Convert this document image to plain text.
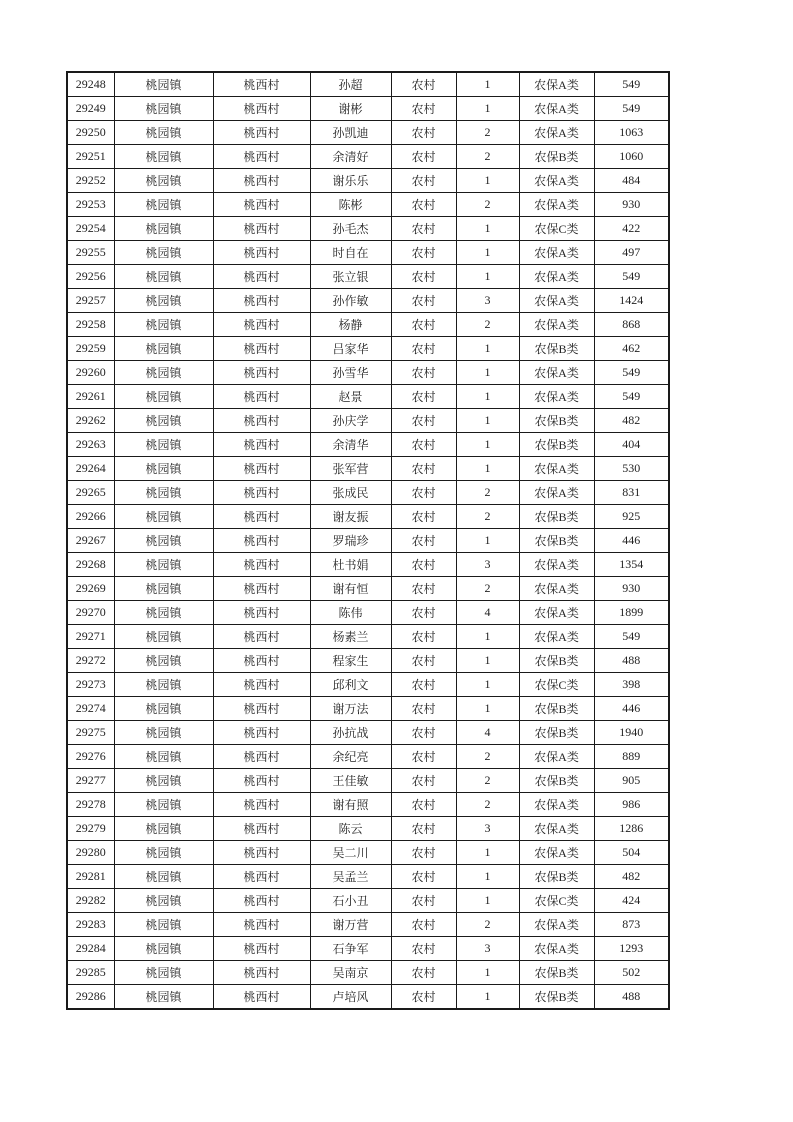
29248	桃园镇	桃西村	孙超	农村	1	农保A类	549
29249	桃园镇	桃西村	谢彬	农村	1	农保A类	549
29250	桃园镇	桃西村	孙凯迪	农村	2	农保A类	1063
29251	桃园镇	桃西村	余清好	农村	2	农保B类	1060
29252	桃园镇	桃西村	谢乐乐	农村	1	农保A类	484
29253	桃园镇	桃西村	陈彬	农村	2	农保A类	930
29254	桃园镇	桃西村	孙毛杰	农村	1	农保C类	422
29255	桃园镇	桃西村	时自在	农村	1	农保A类	497
29256	桃园镇	桃西村	张立银	农村	1	农保A类	549
29257	桃园镇	桃西村	孙作敏	农村	3	农保A类	1424
29258	桃园镇	桃西村	杨静	农村	2	农保A类	868
29259	桃园镇	桃西村	吕家华	农村	1	农保B类	462
29260	桃园镇	桃西村	孙雪华	农村	1	农保A类	549
29261	桃园镇	桃西村	赵景	农村	1	农保A类	549
29262	桃园镇	桃西村	孙庆学	农村	1	农保B类	482
29263	桃园镇	桃西村	余清华	农村	1	农保B类	404
29264	桃园镇	桃西村	张军营	农村	1	农保A类	530
29265	桃园镇	桃西村	张成民	农村	2	农保A类	831
29266	桃园镇	桃西村	谢友振	农村	2	农保B类	925
29267	桃园镇	桃西村	罗瑞珍	农村	1	农保B类	446
29268	桃园镇	桃西村	杜书娟	农村	3	农保A类	1354
29269	桃园镇	桃西村	谢有恒	农村	2	农保A类	930
29270	桃园镇	桃西村	陈伟	农村	4	农保A类	1899
29271	桃园镇	桃西村	杨素兰	农村	1	农保A类	549
29272	桃园镇	桃西村	程家生	农村	1	农保B类	488
29273	桃园镇	桃西村	邱利文	农村	1	农保C类	398
29274	桃园镇	桃西村	谢万法	农村	1	农保B类	446
29275	桃园镇	桃西村	孙抗战	农村	4	农保B类	1940
29276	桃园镇	桃西村	余纪亮	农村	2	农保A类	889
29277	桃园镇	桃西村	王佳敏	农村	2	农保B类	905
29278	桃园镇	桃西村	谢有照	农村	2	农保A类	986
29279	桃园镇	桃西村	陈云	农村	3	农保A类	1286
29280	桃园镇	桃西村	吴二川	农村	1	农保A类	504
29281	桃园镇	桃西村	吴孟兰	农村	1	农保B类	482
29282	桃园镇	桃西村	石小丑	农村	1	农保C类	424
29283	桃园镇	桃西村	谢万营	农村	2	农保A类	873
29284	桃园镇	桃西村	石争军	农村	3	农保A类	1293
29285	桃园镇	桃西村	吴南京	农村	1	农保B类	502
29286	桃园镇	桃西村	卢培风	农村	1	农保B类	488
